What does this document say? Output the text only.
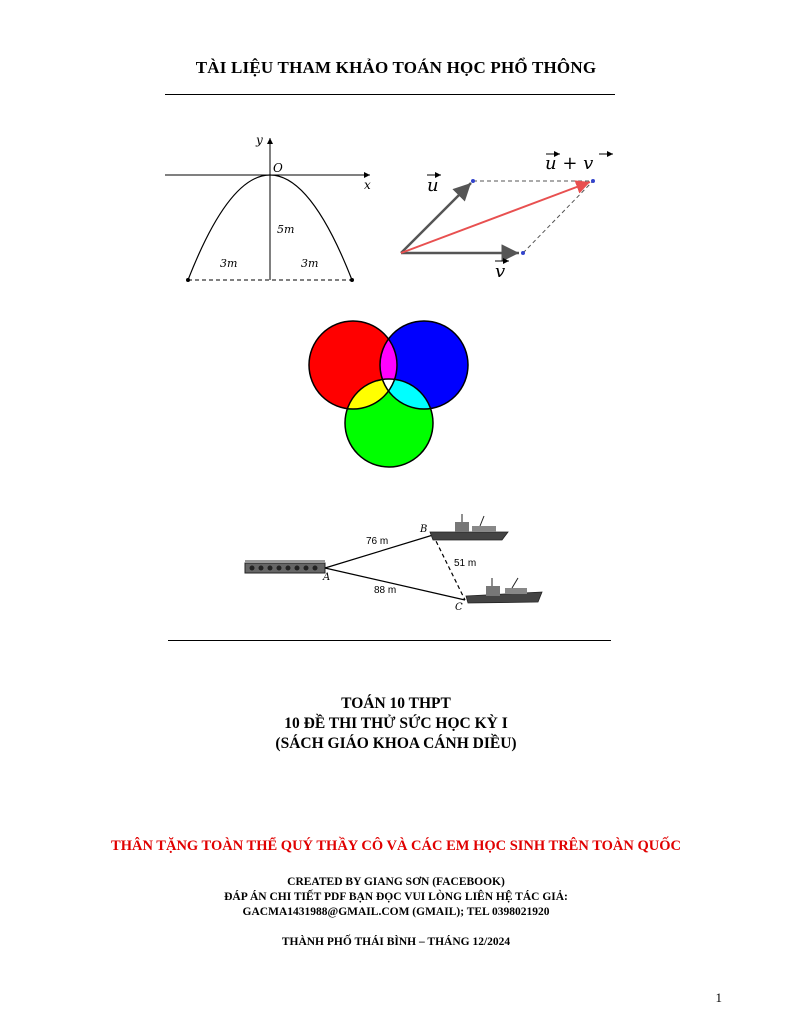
TÀI LIỆU THAM KHẢO TOÁN HỌC PHỔ THÔNG
y
x
O
5m
3m	3m
u
v
u + v
A
B
C
76 m
51 m
88 m
TOÁN 10 THPT
10 ĐỀ THI THỬ SỨC HỌC KỲ I
(SÁCH GIÁO KHOA CÁNH DIỀU)
THÂN TẶNG TOÀN THỂ QUÝ THẦY CÔ VÀ CÁC EM HỌC SINH TRÊN TOÀN QUỐC
CREATED BY GIANG SƠN (FACEBOOK)
ĐÁP ÁN CHI TIẾT PDF BẠN ĐỌC VUI LÒNG LIÊN HỆ TÁC GIẢ:
GACMA1431988@GMAIL.COM (GMAIL); TEL 0398021920
THÀNH PHỐ THÁI BÌNH – THÁNG 12/2024
1
